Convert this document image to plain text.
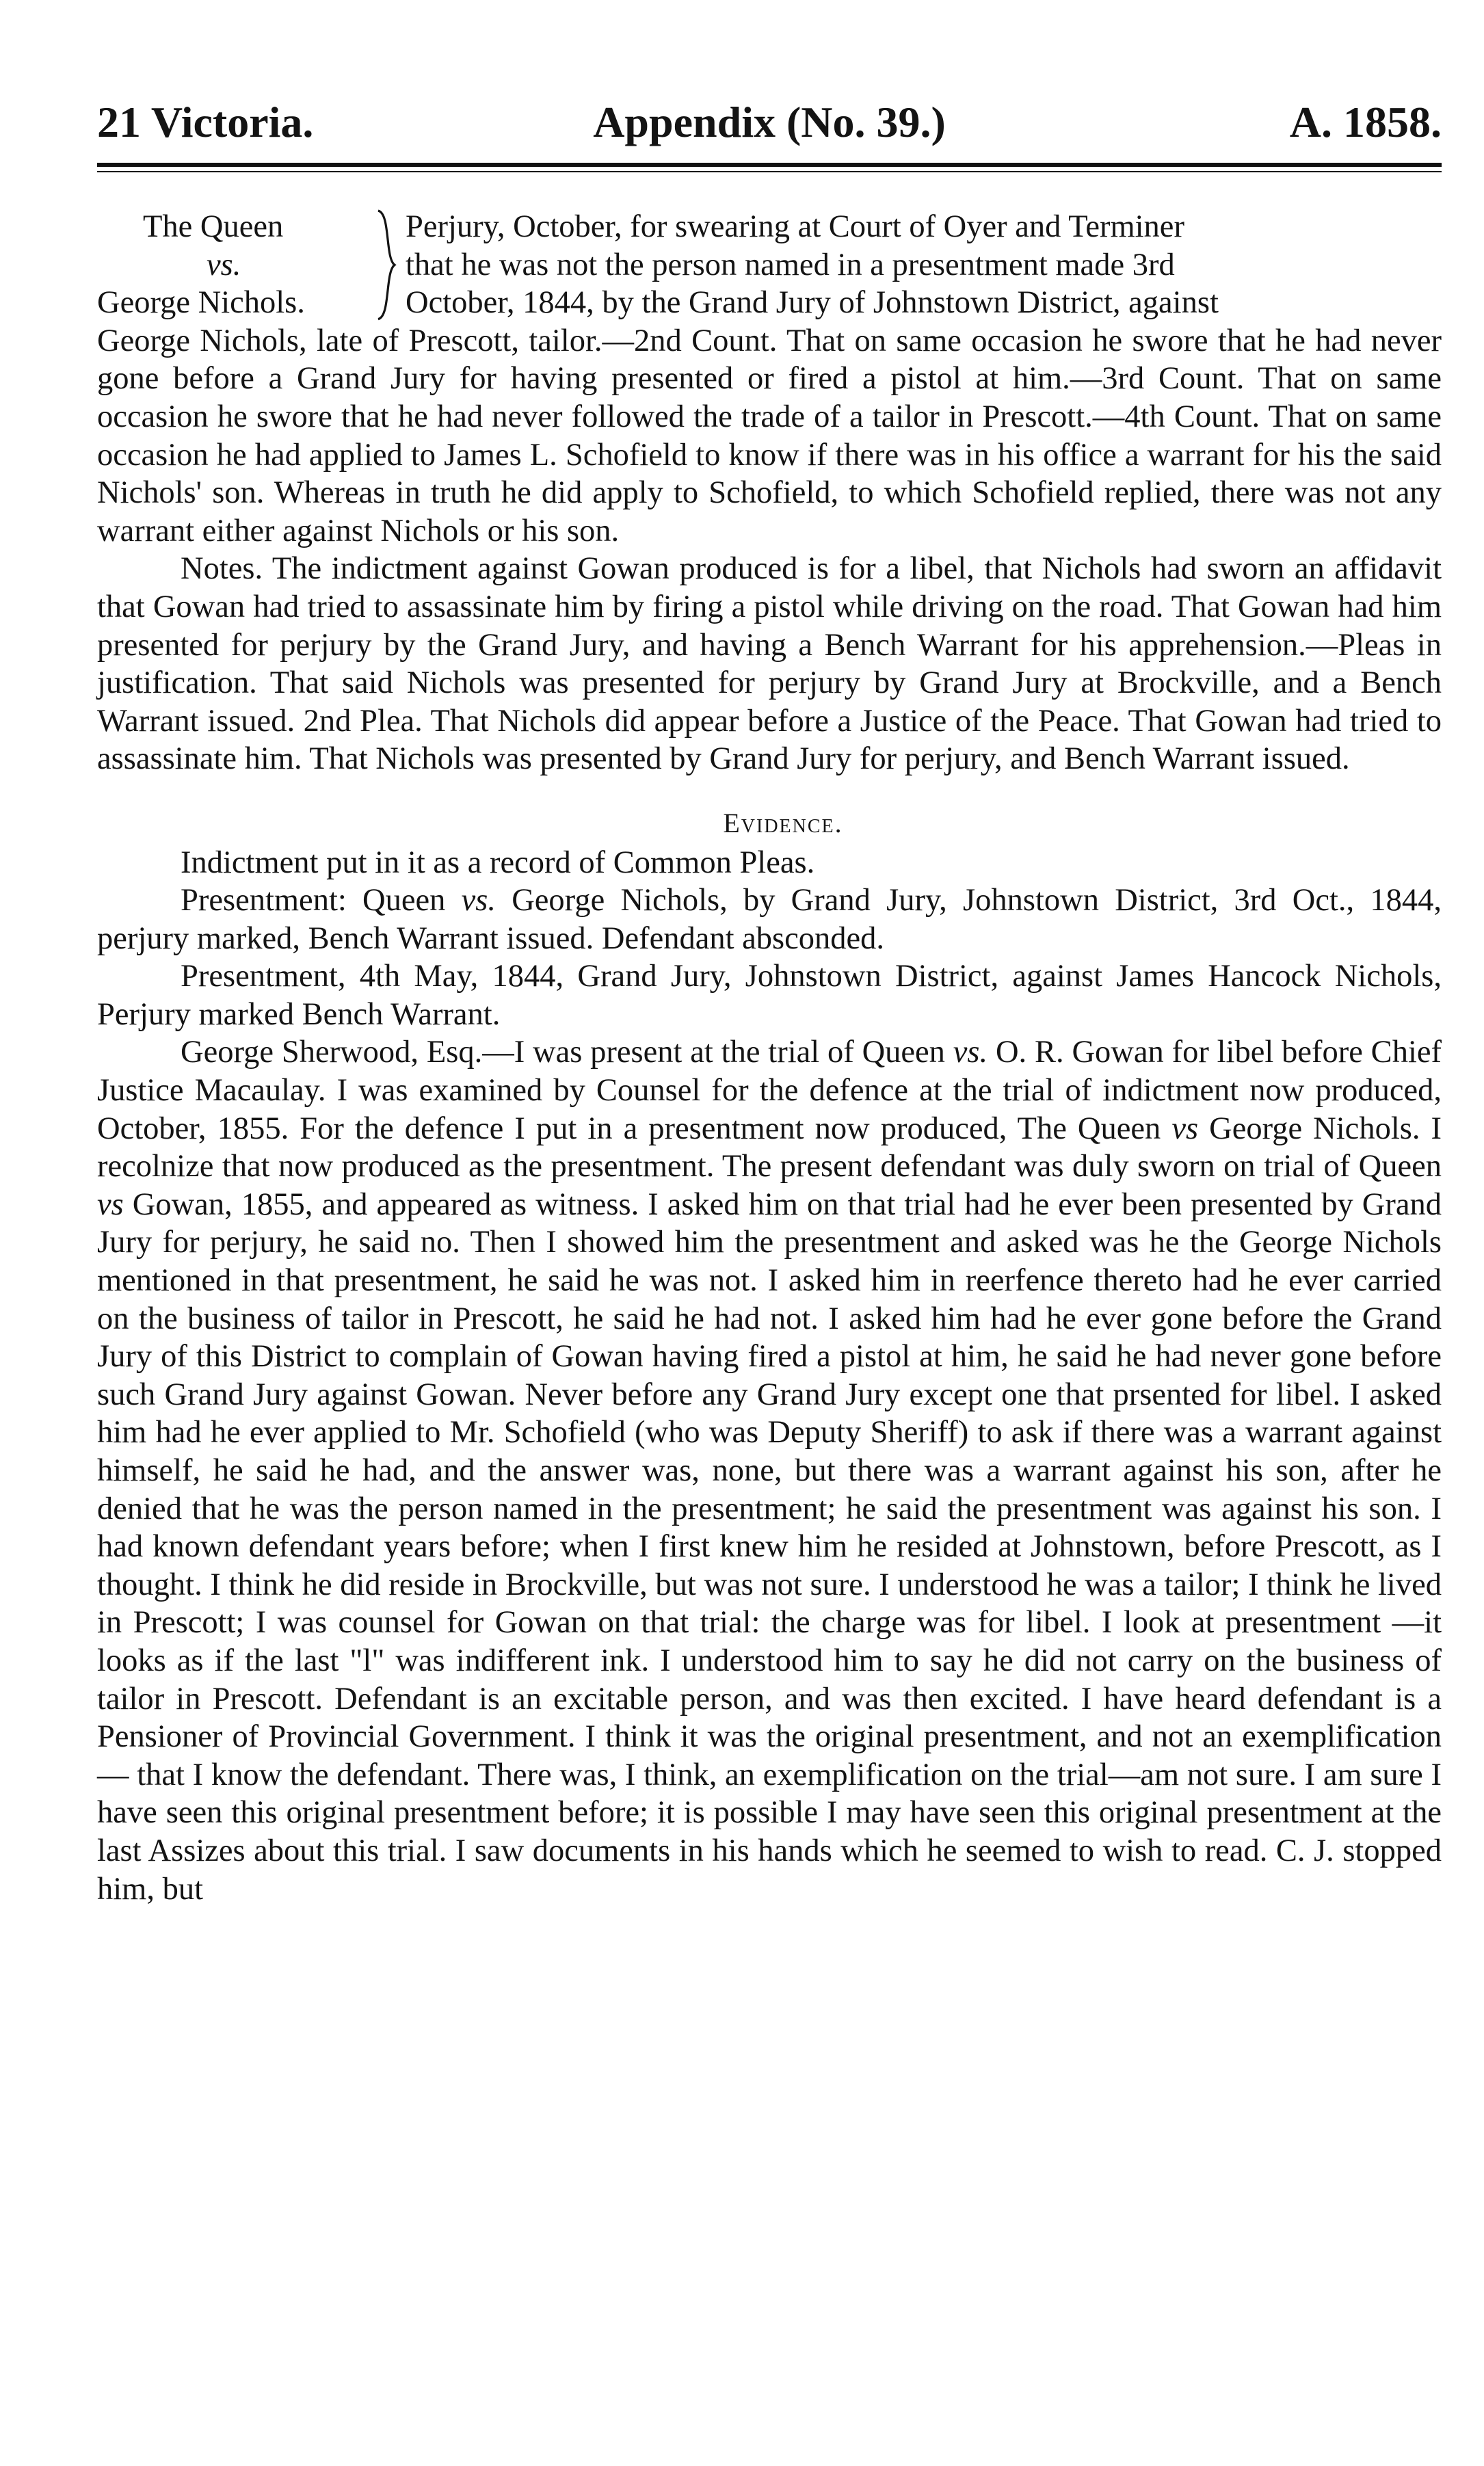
21 Victoria.	Appendix (No. 39.)	A. 1858.
The Queen
vs.
George Nichols.
Perjury, October, for swearing at Court of Oyer and Terminer
that he was not the person named in a presentment made 3rd
October, 1844, by the Grand Jury of Johnstown District, against
George Nichols, late of Prescott, tailor.—2nd Count. That on same occasion he swore that he had never gone before a Grand Jury for having presented or fired a pistol at him.—3rd Count. That on same occasion he swore that he had never followed the trade of a tailor in Prescott.—4th Count. That on same occasion he had applied to James L. Schofield to know if there was in his office a warrant for his the said Nichols' son. Whereas in truth he did apply to Schofield, to which Schofield replied, there was not any warrant either against Nichols or his son.

Notes. The indictment against Gowan produced is for a libel, that Nichols had sworn an affidavit that Gowan had tried to assassinate him by firing a pistol while driving on the road. That Gowan had him presented for perjury by the Grand Jury, and having a Bench Warrant for his apprehension.—Pleas in justification. That said Nichols was presented for perjury by Grand Jury at Brockville, and a Bench Warrant issued. 2nd Plea. That Nichols did appear before a Justice of the Peace. That Gowan had tried to assassinate him. That Nichols was presented by Grand Jury for perjury, and Bench Warrant issued.

Evidence.

Indictment put in it as a record of Common Pleas.

Presentment: Queen vs. George Nichols, by Grand Jury, Johnstown District, 3rd Oct., 1844, perjury marked, Bench Warrant issued. Defendant absconded.

Presentment, 4th May, 1844, Grand Jury, Johnstown District, against James Hancock Nichols, Perjury marked Bench Warrant.

George Sherwood, Esq.—I was present at the trial of Queen vs. O. R. Gowan for libel before Chief Justice Macaulay. I was examined by Counsel for the defence at the trial of indictment now produced, October, 1855. For the defence I put in a presentment now produced, The Queen vs George Nichols. I recolnize that now produced as the presentment. The present defendant was duly sworn on trial of Queen vs Gowan, 1855, and appeared as witness. I asked him on that trial had he ever been presented by Grand Jury for perjury, he said no. Then I showed him the presentment and asked was he the George Nichols mentioned in that presentment, he said he was not. I asked him in reerfence thereto had he ever carried on the business of tailor in Prescott, he said he had not. I asked him had he ever gone before the Grand Jury of this District to complain of Gowan having fired a pistol at him, he said he had never gone before such Grand Jury against Gowan. Never before any Grand Jury except one that prsented for libel. I asked him had he ever applied to Mr. Schofield (who was Deputy Sheriff) to ask if there was a warrant against himself, he said he had, and the answer was, none, but there was a warrant against his son, after he denied that he was the person named in the presentment; he said the presentment was against his son. I had known defendant years before; when I first knew him he resided at Johnstown, before Prescott, as I thought. I think he did reside in Brockville, but was not sure. I understood he was a tailor; I think he lived in Prescott; I was counsel for Gowan on that trial: the charge was for libel. I look at presentment —it looks as if the last "l" was indifferent ink. I understood him to say he did not carry on the business of tailor in Prescott. Defendant is an excitable person, and was then excited. I have heard defendant is a Pensioner of Provincial Government. I think it was the original presentment, and not an exemplification— that I know the defendant. There was, I think, an exemplification on the trial—am not sure. I am sure I have seen this original presentment before; it is possible I may have seen this original presentment at the last Assizes about this trial. I saw documents in his hands which he seemed to wish to read. C. J. stopped him, but
